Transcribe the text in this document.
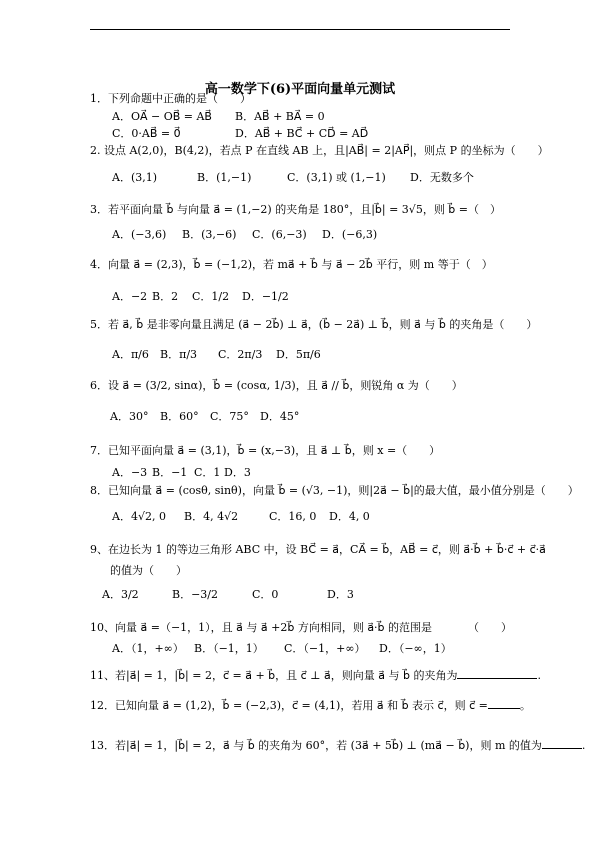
高一数学下(6)平面向量单元测试
1．下列命题中正确的是（　　）
A．OA⃗ − OB⃗ = AB⃗ B．AB⃗ + BA⃗ = 0
C．0·AB⃗ = 0⃗	D．AB⃗ + BC⃗ + CD⃗ = AD⃗
2. 设点 A(2,0)，B(4,2)，若点 P 在直线 AB 上，且|AB⃗| = 2|AP⃗|，则点 P 的坐标为（　　）
A．(3,1)	B．(1,−1)	C．(3,1) 或 (1,−1) D．无数多个
3．若平面向量 b⃗ 与向量 a⃗ = (1,−2) 的夹角是 180°，且|b⃗| = 3√5，则 b⃗ =（　）
A．(−3,6) B．(3,−6) C．(6,−3) D．(−6,3)
4．向量 a⃗ = (2,3)，b⃗ = (−1,2)，若 ma⃗ + b⃗ 与 a⃗ − 2b⃗ 平行，则 m 等于（　）
A．−2 B．2 C．1/2 D．−1/2
5．若 a⃗, b⃗ 是非零向量且满足 (a⃗ − 2b⃗) ⊥ a⃗，(b⃗ − 2a⃗) ⊥ b⃗，则 a⃗ 与 b⃗ 的夹角是（　　）
A．π/6 B．π/3 C．2π/3 D．5π/6
6．设 a⃗ = (3/2, sinα)，b⃗ = (cosα, 1/3)，且 a⃗ // b⃗，则锐角 α 为（　　）
A．30° B．60° C．75° D．45°
7．已知平面向量 a⃗ = (3,1)，b⃗ = (x,−3)，且 a⃗ ⊥ b⃗，则 x =（　　）
A．−3 B．−1 C．1 D．3
8．已知向量 a⃗ = (cosθ, sinθ)，向量 b⃗ = (√3, −1)，则|2a⃗ − b⃗|的最大值，最小值分别是（　　）
A．4√2, 0 B．4, 4√2	C．16, 0 D．4, 0
9、在边长为 1 的等边三角形 ABC 中，设 BC⃗ = a⃗，CA⃗ = b⃗，AB⃗ = c⃗，则 a⃗·b⃗ + b⃗·c⃗ + c⃗·a⃗
的值为（　　）
A．3/2	B．−3/2	C．0	D．3
10、向量 a⃗ =（−1，1），且 a⃗ 与 a⃗ +2b⃗ 方向相同，则 a⃗·b⃗ 的范围是	（　　）
A．（1，+∞） B．（−1，1） C．（−1，+∞） D．（−∞，1）
11、若|a⃗| = 1，|b⃗| = 2，c⃗ = a⃗ + b⃗，且 c⃗ ⊥ a⃗，则向量 a⃗ 与 b⃗ 的夹角为	.
12．已知向量 a⃗ = (1,2)，b⃗ = (−2,3)，c⃗ = (4,1)，若用 a⃗ 和 b⃗ 表示 c⃗，则 c⃗ =	。
13．若|a⃗| = 1，|b⃗| = 2，a⃗ 与 b⃗ 的夹角为 60°，若 (3a⃗ + 5b⃗) ⊥ (ma⃗ − b⃗)，则 m 的值为	.
